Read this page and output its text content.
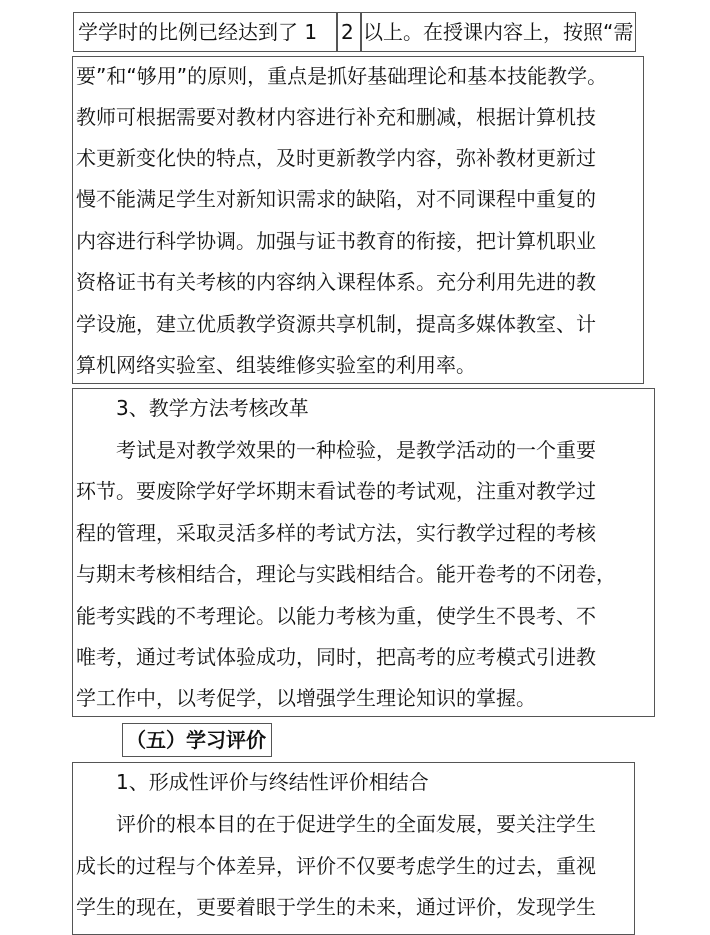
学学时的比例已经达到了 1 2 以上。在授课内容上，按照“需
要”和“够用”的原则，重点是抓好基础理论和基本技能教学。
教师可根据需要对教材内容进行补充和删减，根据计算机技
术更新变化快的特点，及时更新教学内容，弥补教材更新过
慢不能满足学生对新知识需求的缺陷，对不同课程中重复的
内容进行科学协调。加强与证书教育的衔接，把计算机职业
资格证书有关考核的内容纳入课程体系。充分利用先进的教
学设施，建立优质教学资源共享机制，提高多媒体教室、计
算机网络实验室、组装维修实验室的利用率。
3、教学方法考核改革
考试是对教学效果的一种检验，是教学活动的一个重要
环节。要废除学好学坏期末看试卷的考试观，注重对教学过
程的管理，采取灵活多样的考试方法，实行教学过程的考核
与期末考核相结合，理论与实践相结合。能开卷考的不闭卷，
能考实践的不考理论。以能力考核为重，使学生不畏考、不
唯考，通过考试体验成功，同时，把高考的应考模式引进教
学工作中，以考促学，以增强学生理论知识的掌握。
（五）学习评价
1、形成性评价与终结性评价相结合
评价的根本目的在于促进学生的全面发展，要关注学生
成长的过程与个体差异，评价不仅要考虑学生的过去，重视
学生的现在，更要着眼于学生的未来，通过评价，发现学生
